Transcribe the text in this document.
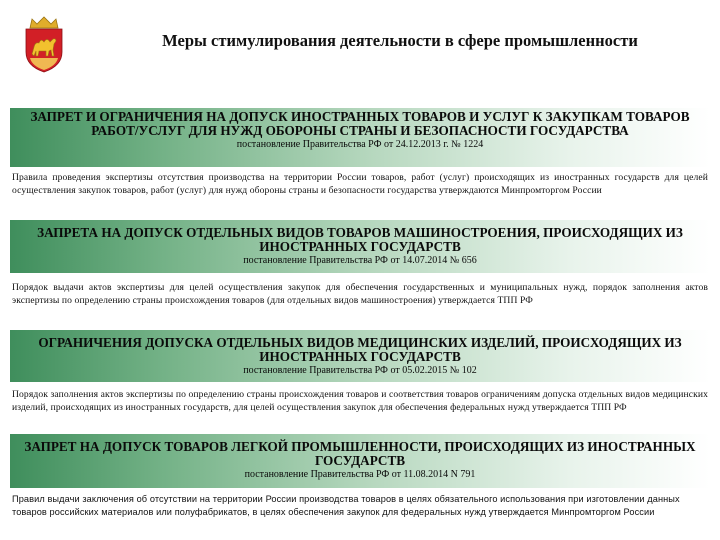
Меры стимулирования деятельности в сфере промышленности
ЗАПРЕТ И ОГРАНИЧЕНИЯ НА ДОПУСК ИНОСТРАННЫХ ТОВАРОВ И УСЛУГ К ЗАКУПКАМ ТОВАРОВ РАБОТ/УСЛУГ ДЛЯ НУЖД ОБОРОНЫ СТРАНЫ И БЕЗОПАСНОСТИ ГОСУДАРСТВА
постановление Правительства РФ от 24.12.2013 г. № 1224
Правила проведения экспертизы отсутствия производства на территории России товаров, работ (услуг) происходящих из иностранных государств для целей осуществления закупок товаров, работ (услуг) для нужд обороны страны и безопасности государства утверждаются Минпромторгом России
ЗАПРЕТА НА ДОПУСК ОТДЕЛЬНЫХ ВИДОВ ТОВАРОВ МАШИНОСТРОЕНИЯ, ПРОИСХОДЯЩИХ ИЗ ИНОСТРАННЫХ ГОСУДАРСТВ
постановление Правительства РФ от 14.07.2014 № 656
Порядок выдачи актов экспертизы для целей осуществления закупок для обеспечения государственных и муниципальных нужд, порядок заполнения актов экспертизы по определению страны происхождения товаров (для отдельных видов машиностроения) утверждается ТПП РФ
ОГРАНИЧЕНИЯ ДОПУСКА ОТДЕЛЬНЫХ ВИДОВ МЕДИЦИНСКИХ ИЗДЕЛИЙ, ПРОИСХОДЯЩИХ ИЗ ИНОСТРАННЫХ ГОСУДАРСТВ
постановление Правительства РФ от 05.02.2015 № 102
Порядок заполнения актов экспертизы по определению страны происхождения товаров и соответствия товаров ограничениям допуска отдельных видов медицинских изделий, происходящих из иностранных государств, для целей осуществления закупок для обеспечения федеральных нужд утверждается ТПП РФ
ЗАПРЕТ НА ДОПУСК ТОВАРОВ ЛЕГКОЙ ПРОМЫШЛЕННОСТИ, ПРОИСХОДЯЩИХ ИЗ ИНОСТРАННЫХ ГОСУДАРСТВ
постановление Правительства РФ от 11.08.2014 N 791
Правил выдачи заключения об отсутствии на территории России производства товаров в целях обязательного использования при изготовлении данных товаров российских материалов или полуфабрикатов, в целях обеспечения закупок для федеральных нужд утверждается Минпромторгом России
